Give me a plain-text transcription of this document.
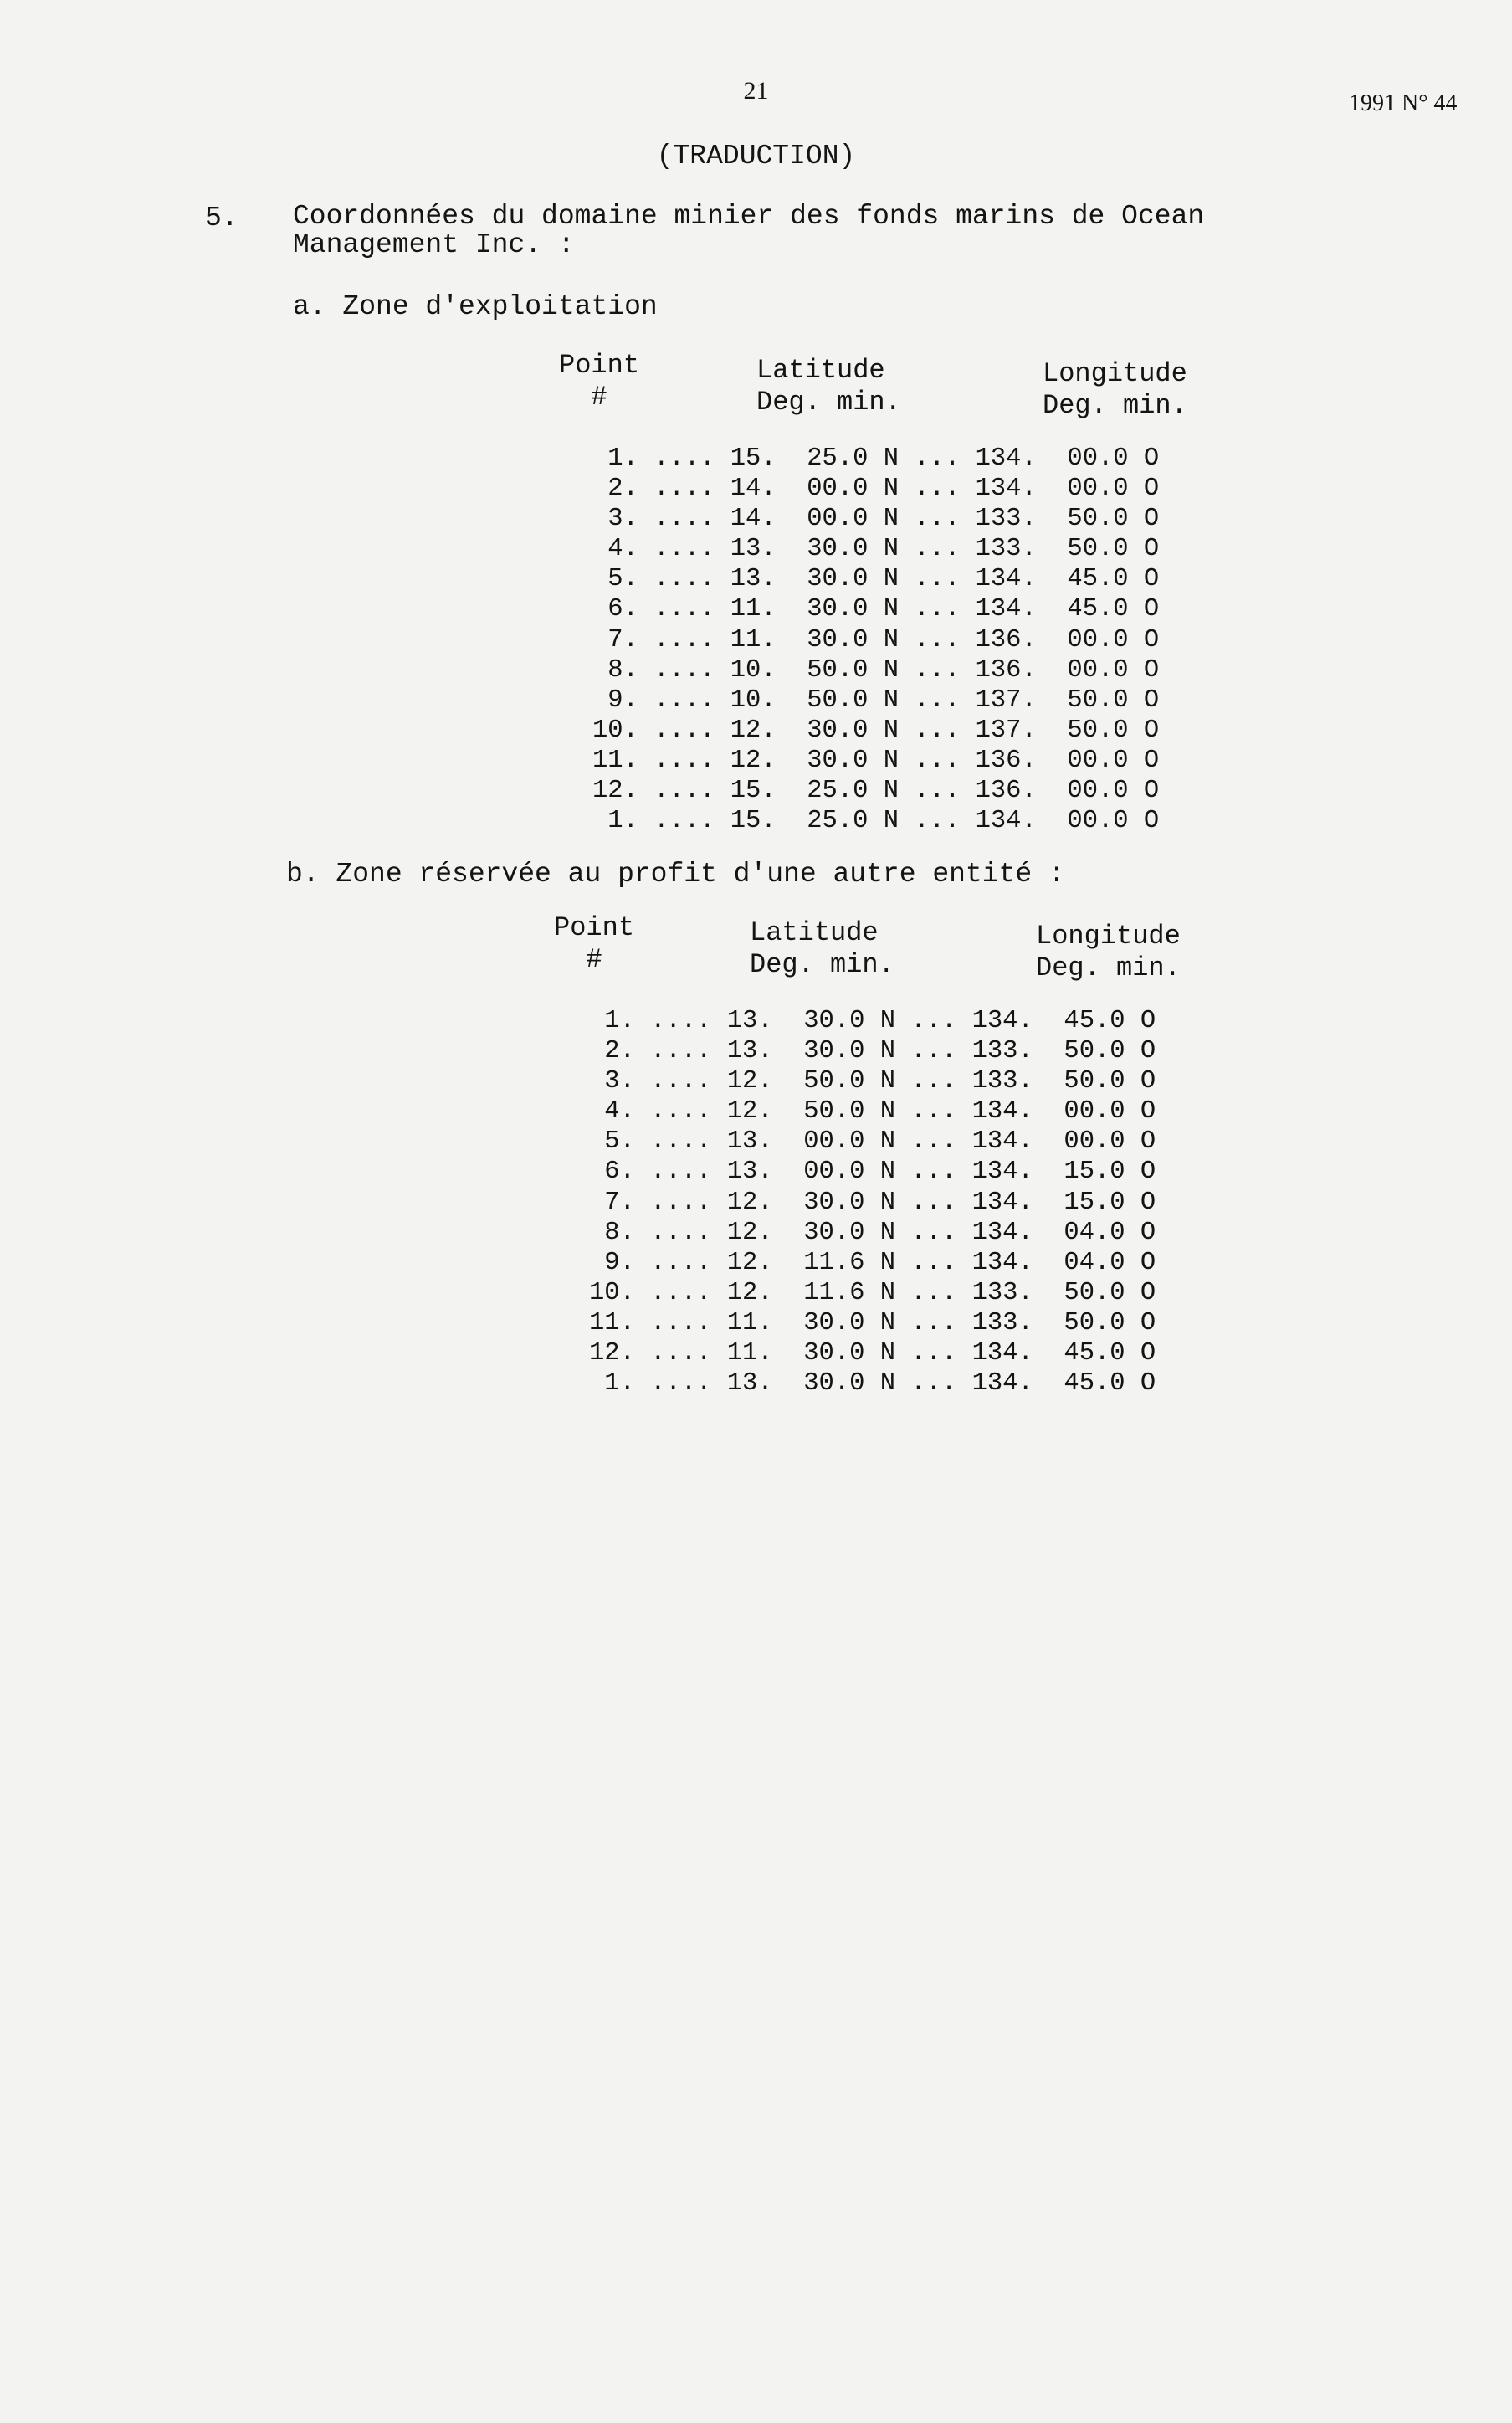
21	1991 N° 44
(TRADUCTION)
5. Coordonnées du domaine minier des fonds marins de Ocean
Management Inc. :
a. Zone d'exploitation
Point
#
Latitude
Deg. min.
Longitude
Deg. min.
1. .... 15.  25.0 N ... 134.  00.0 O
2. .... 14.  00.0 N ... 134.  00.0 O
3. .... 14.  00.0 N ... 133.  50.0 O
4. .... 13.  30.0 N ... 133.  50.0 O
5. .... 13.  30.0 N ... 134.  45.0 O
6. .... 11.  30.0 N ... 134.  45.0 O
7. .... 11.  30.0 N ... 136.  00.0 O
8. .... 10.  50.0 N ... 136.  00.0 O
9. .... 10.  50.0 N ... 137.  50.0 O
10. .... 12.  30.0 N ... 137.  50.0 O
11. .... 12.  30.0 N ... 136.  00.0 O
12. .... 15.  25.0 N ... 136.  00.0 O
1. .... 15.  25.0 N ... 134.  00.0 O
b. Zone réservée au profit d'une autre entité :
Point
#
Latitude
Deg. min.
Longitude
Deg. min.
1. .... 13.  30.0 N ... 134.  45.0 O
2. .... 13.  30.0 N ... 133.  50.0 O
3. .... 12.  50.0 N ... 133.  50.0 O
4. .... 12.  50.0 N ... 134.  00.0 O
5. .... 13.  00.0 N ... 134.  00.0 O
6. .... 13.  00.0 N ... 134.  15.0 O
7. .... 12.  30.0 N ... 134.  15.0 O
8. .... 12.  30.0 N ... 134.  04.0 O
9. .... 12.  11.6 N ... 134.  04.0 O
10. .... 12.  11.6 N ... 133.  50.0 O
11. .... 11.  30.0 N ... 133.  50.0 O
12. .... 11.  30.0 N ... 134.  45.0 O
1. .... 13.  30.0 N ... 134.  45.0 O
